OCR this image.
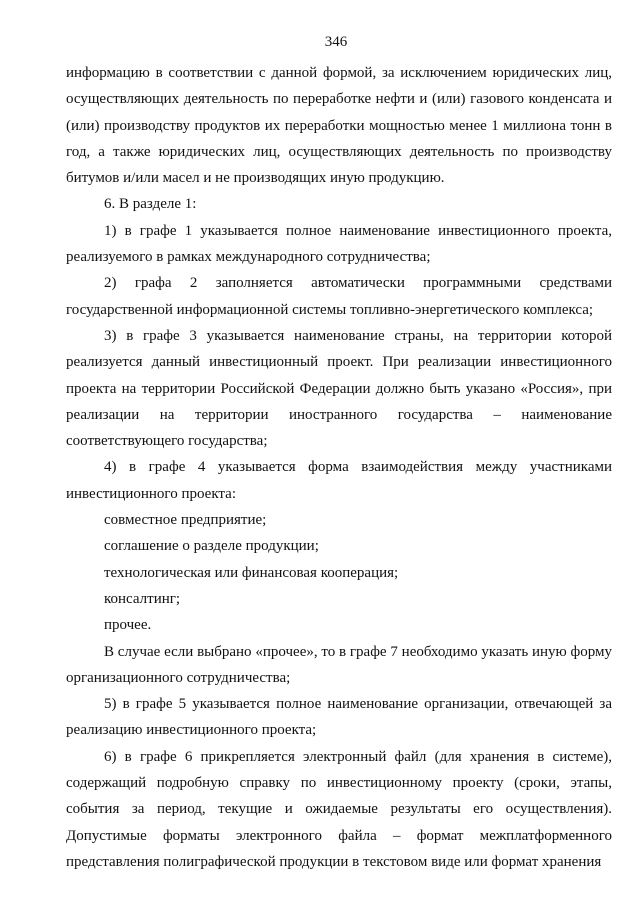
346

информацию в соответствии с данной формой, за исключением юридических лиц, осуществляющих деятельность по переработке нефти и (или) газового конденсата и (или) производству продуктов их переработки мощностью менее 1 миллиона тонн в год, а также юридических лиц, осуществляющих деятельность по производству битумов и/или масел и не производящих иную продукцию.

6. В разделе 1:

1) в графе 1 указывается полное наименование инвестиционного проекта, реализуемого в рамках международного сотрудничества;

2) графа 2 заполняется автоматически программными средствами государственной информационной системы топливно-энергетического комплекса;

3) в графе 3 указывается наименование страны, на территории которой реализуется данный инвестиционный проект. При реализации инвестиционного проекта на территории Российской Федерации должно быть указано «Россия», при реализации на территории иностранного государства – наименование соответствующего государства;

4) в графе 4 указывается форма взаимодействия между участниками инвестиционного проекта:

совместное предприятие;

соглашение о разделе продукции;

технологическая или финансовая кооперация;

консалтинг;

прочее.

В случае если выбрано «прочее», то в графе 7 необходимо указать иную форму организационного сотрудничества;

5) в графе 5 указывается полное наименование организации, отвечающей за реализацию инвестиционного проекта;

6) в графе 6 прикрепляется электронный файл (для хранения в системе), содержащий подробную справку по инвестиционному проекту (сроки, этапы, события за период, текущие и ожидаемые результаты его осуществления). Допустимые форматы электронного файла – формат межплатформенного представления полиграфической продукции в текстовом виде или формат хранения
